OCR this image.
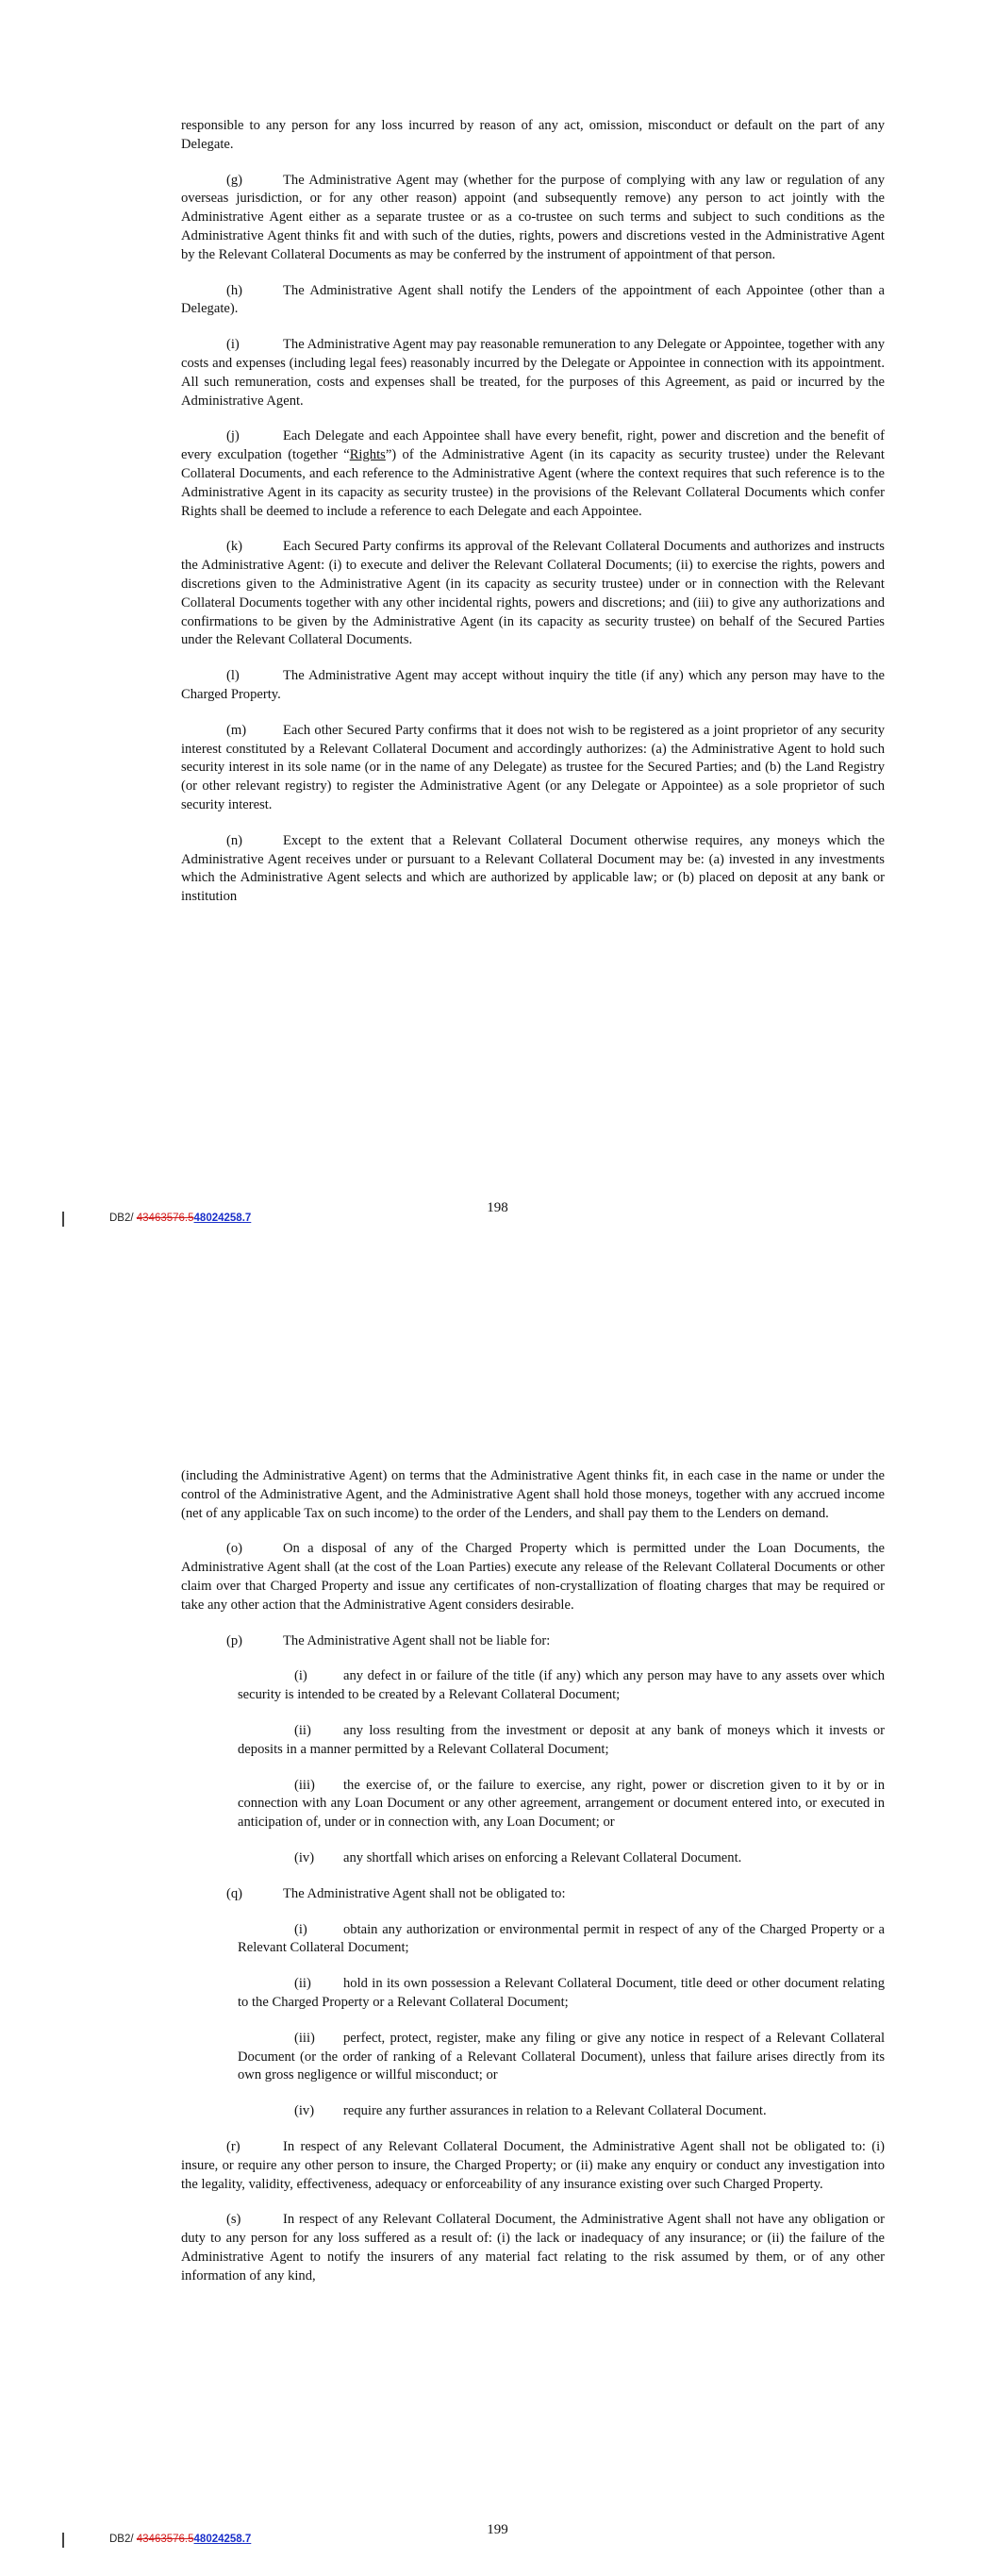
responsible to any person for any loss incurred by reason of any act, omission, misconduct or default on the part of any Delegate.

(g)	The Administrative Agent may (whether for the purpose of complying with any law or regulation of any overseas jurisdiction, or for any other reason) appoint (and subsequently remove) any person to act jointly with the Administrative Agent either as a separate trustee or as a co-trustee on such terms and subject to such conditions as the Administrative Agent thinks fit and with such of the duties, rights, powers and discretions vested in the Administrative Agent by the Relevant Collateral Documents as may be conferred by the instrument of appointment of that person.

(h)	The Administrative Agent shall notify the Lenders of the appointment of each Appointee (other than a Delegate).

(i)	The Administrative Agent may pay reasonable remuneration to any Delegate or Appointee, together with any costs and expenses (including legal fees) reasonably incurred by the Delegate or Appointee in connection with its appointment. All such remuneration, costs and expenses shall be treated, for the purposes of this Agreement, as paid or incurred by the Administrative Agent.

(j)	Each Delegate and each Appointee shall have every benefit, right, power and discretion and the benefit of every exculpation (together “Rights”) of the Administrative Agent (in its capacity as security trustee) under the Relevant Collateral Documents, and each reference to the Administrative Agent (where the context requires that such reference is to the Administrative Agent in its capacity as security trustee) in the provisions of the Relevant Collateral Documents which confer Rights shall be deemed to include a reference to each Delegate and each Appointee.

(k)	Each Secured Party confirms its approval of the Relevant Collateral Documents and authorizes and instructs the Administrative Agent: (i) to execute and deliver the Relevant Collateral Documents; (ii) to exercise the rights, powers and discretions given to the Administrative Agent (in its capacity as security trustee) under or in connection with the Relevant Collateral Documents together with any other incidental rights, powers and discretions; and (iii) to give any authorizations and confirmations to be given by the Administrative Agent (in its capacity as security trustee) on behalf of the Secured Parties under the Relevant Collateral Documents.

(l)	The Administrative Agent may accept without inquiry the title (if any) which any person may have to the Charged Property.

(m)	Each other Secured Party confirms that it does not wish to be registered as a joint proprietor of any security interest constituted by a Relevant Collateral Document and accordingly authorizes: (a) the Administrative Agent to hold such security interest in its sole name (or in the name of any Delegate) as trustee for the Secured Parties; and (b) the Land Registry (or other relevant registry) to register the Administrative Agent (or any Delegate or Appointee) as a sole proprietor of such security interest.

(n)	Except to the extent that a Relevant Collateral Document otherwise requires, any moneys which the Administrative Agent receives under or pursuant to a Relevant Collateral Document may be: (a) invested in any investments which the Administrative Agent selects and which are authorized by applicable law; or (b) placed on deposit at any bank or institution

DB2/ 43463576.548024258.7
198

(including the Administrative Agent) on terms that the Administrative Agent thinks fit, in each case in the name or under the control of the Administrative Agent, and the Administrative Agent shall hold those moneys, together with any accrued income (net of any applicable Tax on such income) to the order of the Lenders, and shall pay them to the Lenders on demand.

(o)	On a disposal of any of the Charged Property which is permitted under the Loan Documents, the Administrative Agent shall (at the cost of the Loan Parties) execute any release of the Relevant Collateral Documents or other claim over that Charged Property and issue any certificates of non-crystallization of floating charges that may be required or take any other action that the Administrative Agent considers desirable.

(p)	The Administrative Agent shall not be liable for:

(i)	any defect in or failure of the title (if any) which any person may have to any assets over which security is intended to be created by a Relevant Collateral Document;

(ii) any loss resulting from the investment or deposit at any bank of moneys which it invests or deposits in a manner permitted by a Relevant Collateral Document;

(iii) the exercise of, or the failure to exercise, any right, power or discretion given to it by or in connection with any Loan Document or any other agreement, arrangement or document entered into, or executed in anticipation of, under or in connection with, any Loan Document; or

(iv) any shortfall which arises on enforcing a Relevant Collateral Document.

(q)	The Administrative Agent shall not be obligated to:

(i)	obtain any authorization or environmental permit in respect of any of the Charged Property or a Relevant Collateral Document;

(ii) hold in its own possession a Relevant Collateral Document, title deed or other document relating to the Charged Property or a Relevant Collateral Document;

(iii) perfect, protect, register, make any filing or give any notice in respect of a Relevant Collateral Document (or the order of ranking of a Relevant Collateral Document), unless that failure arises directly from its own gross negligence or willful misconduct; or

(iv) require any further assurances in relation to a Relevant Collateral Document.

(r)	In respect of any Relevant Collateral Document, the Administrative Agent shall not be obligated to: (i) insure, or require any other person to insure, the Charged Property; or (ii) make any enquiry or conduct any investigation into the legality, validity, effectiveness, adequacy or enforceability of any insurance existing over such Charged Property.

(s)	In respect of any Relevant Collateral Document, the Administrative Agent shall not have any obligation or duty to any person for any loss suffered as a result of: (i) the lack or inadequacy of any insurance; or (ii) the failure of the Administrative Agent to notify the insurers of any material fact relating to the risk assumed by them, or of any other information of any kind,

DB2/ 43463576.548024258.7
199
